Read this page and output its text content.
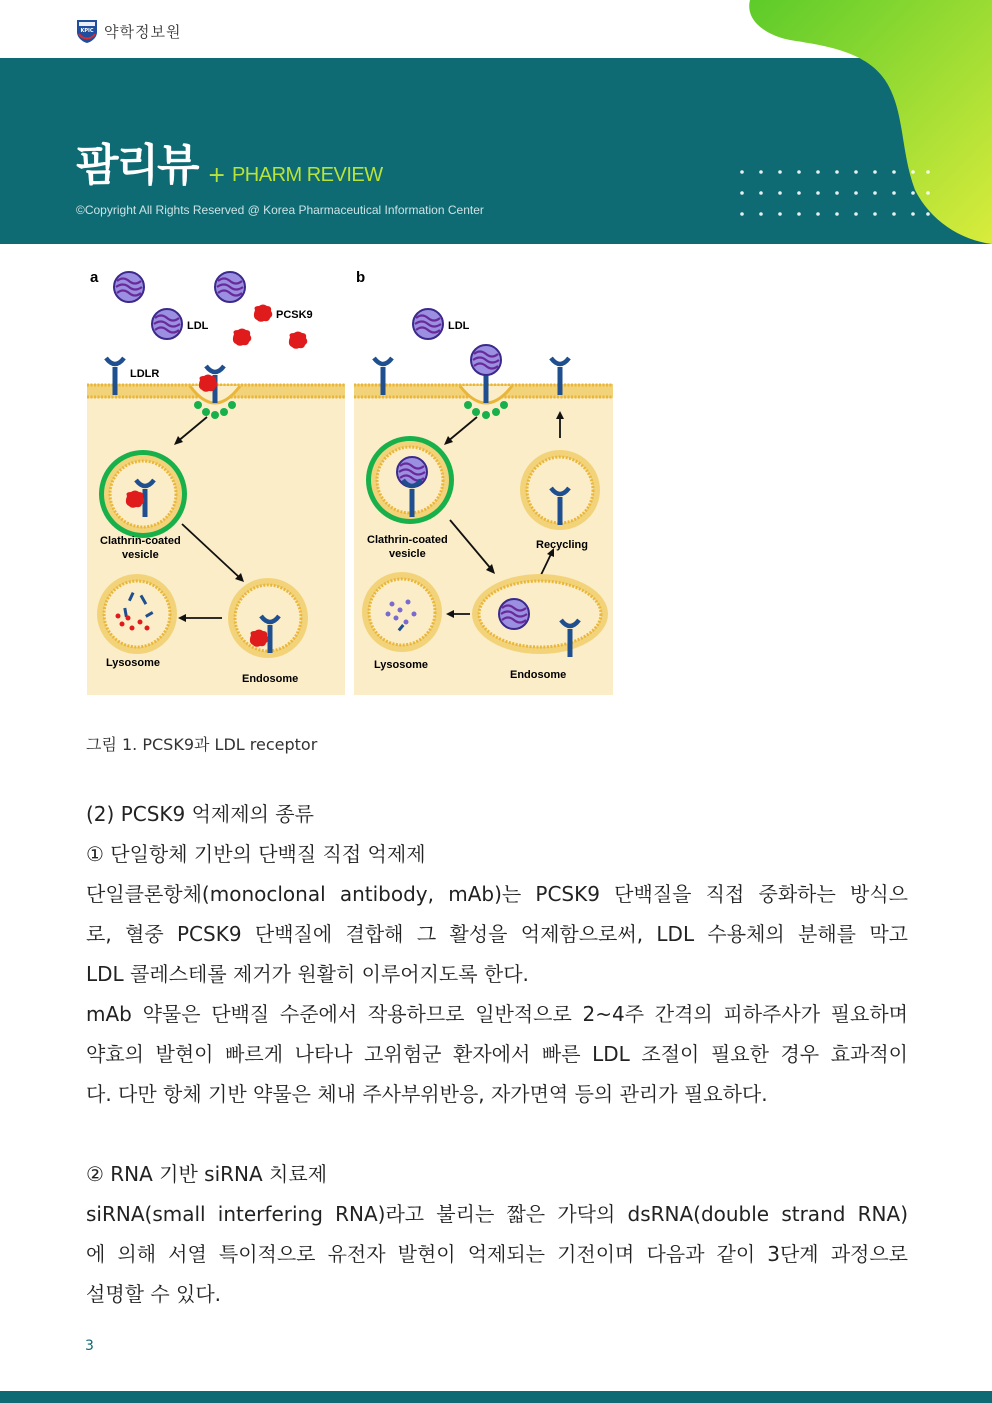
KPIC 약학정보원
팜리뷰 + PHARM REVIEW
©Copyright All Rights Reserved @ Korea Pharmaceutical Information Center
a
LDL
PCSK9
LDLR
Clathrin-coated
vesicle
Lysosome
Endosome
b
LDL
Clathrin-coated
vesicle
Recycling
Lysosome
Endosome
그림 1. PCSK9과 LDL receptor
(2) PCSK9 억제제의 종류
① 단일항체 기반의 단백질 직접 억제제
단일클론항체(monoclonal antibody, mAb)는 PCSK9 단백질을 직접 중화하는 방식으
로, 혈중 PCSK9 단백질에 결합해 그 활성을 억제함으로써, LDL 수용체의 분해를 막고
LDL 콜레스테롤 제거가 원활히 이루어지도록 한다.
mAb 약물은 단백질 수준에서 작용하므로 일반적으로 2~4주 간격의 피하주사가 필요하며
약효의 발현이 빠르게 나타나 고위험군 환자에서 빠른 LDL 조절이 필요한 경우 효과적이
다. 다만 항체 기반 약물은 체내 주사부위반응, 자가면역 등의 관리가 필요하다.
② RNA 기반 siRNA 치료제
siRNA(small interfering RNA)라고 불리는 짧은 가닥의 dsRNA(double strand RNA)
에 의해 서열 특이적으로 유전자 발현이 억제되는 기전이며 다음과 같이 3단계 과정으로
설명할 수 있다.
3
